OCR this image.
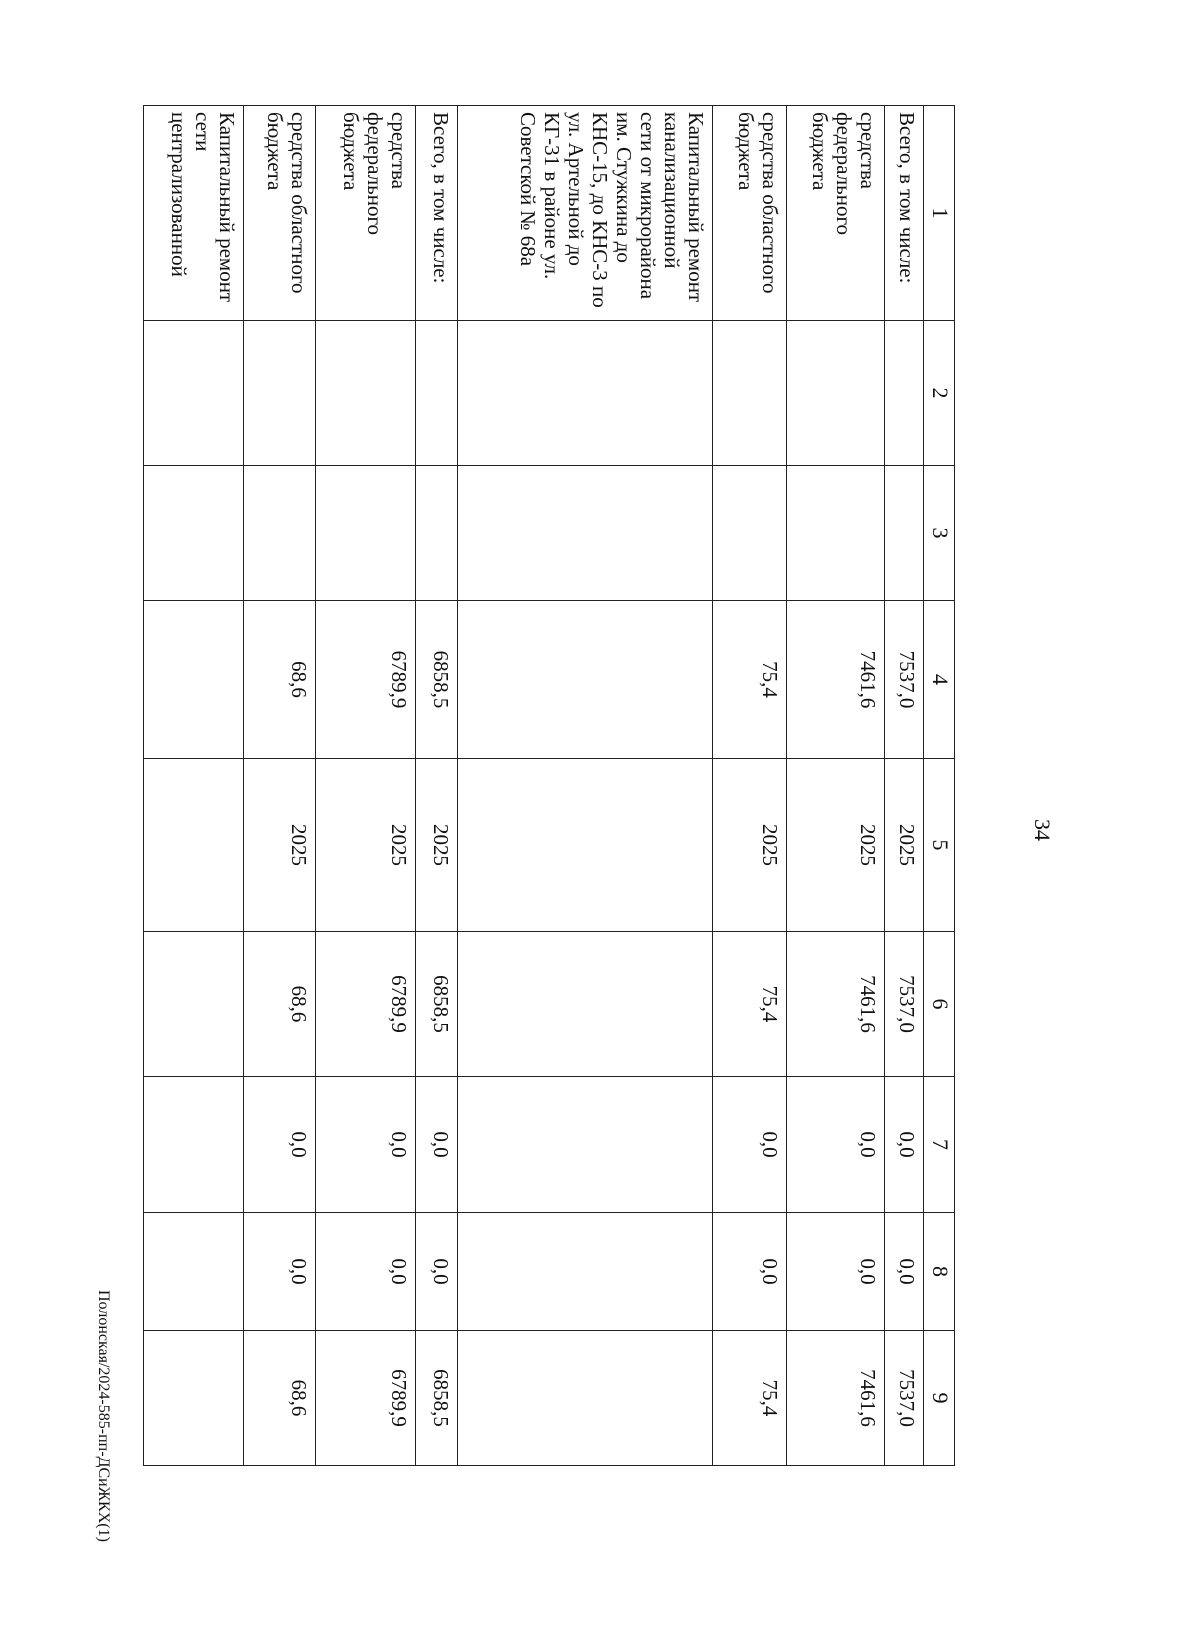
34
1	2	3	4	5	6	7	8	9
Всего, в том числе:			7537,0	2025	7537,0	0,0	0,0	7537,0
средства федерального бюджета			7461,6	2025	7461,6	0,0	0,0	7461,6
средства областного бюджета			75,4	2025	75,4	0,0	0,0	75,4
Капитальный ремонт канализационной сети от микрорайона им. Стужкина до КНС-15, до КНС-3 по ул. Артельной до КГ-31 в районе ул. Советской № 68а								
Всего, в том числе:			6858,5	2025	6858,5	0,0	0,0	6858,5
средства федерального бюджета			6789,9	2025	6789,9	0,0	0,0	6789,9
средства областного бюджета			68,6	2025	68,6	0,0	0,0	68,6
Капитальный ремонт сети централизованной								
Полонская/2024-585-пп-ДСиЖКХ(1)
